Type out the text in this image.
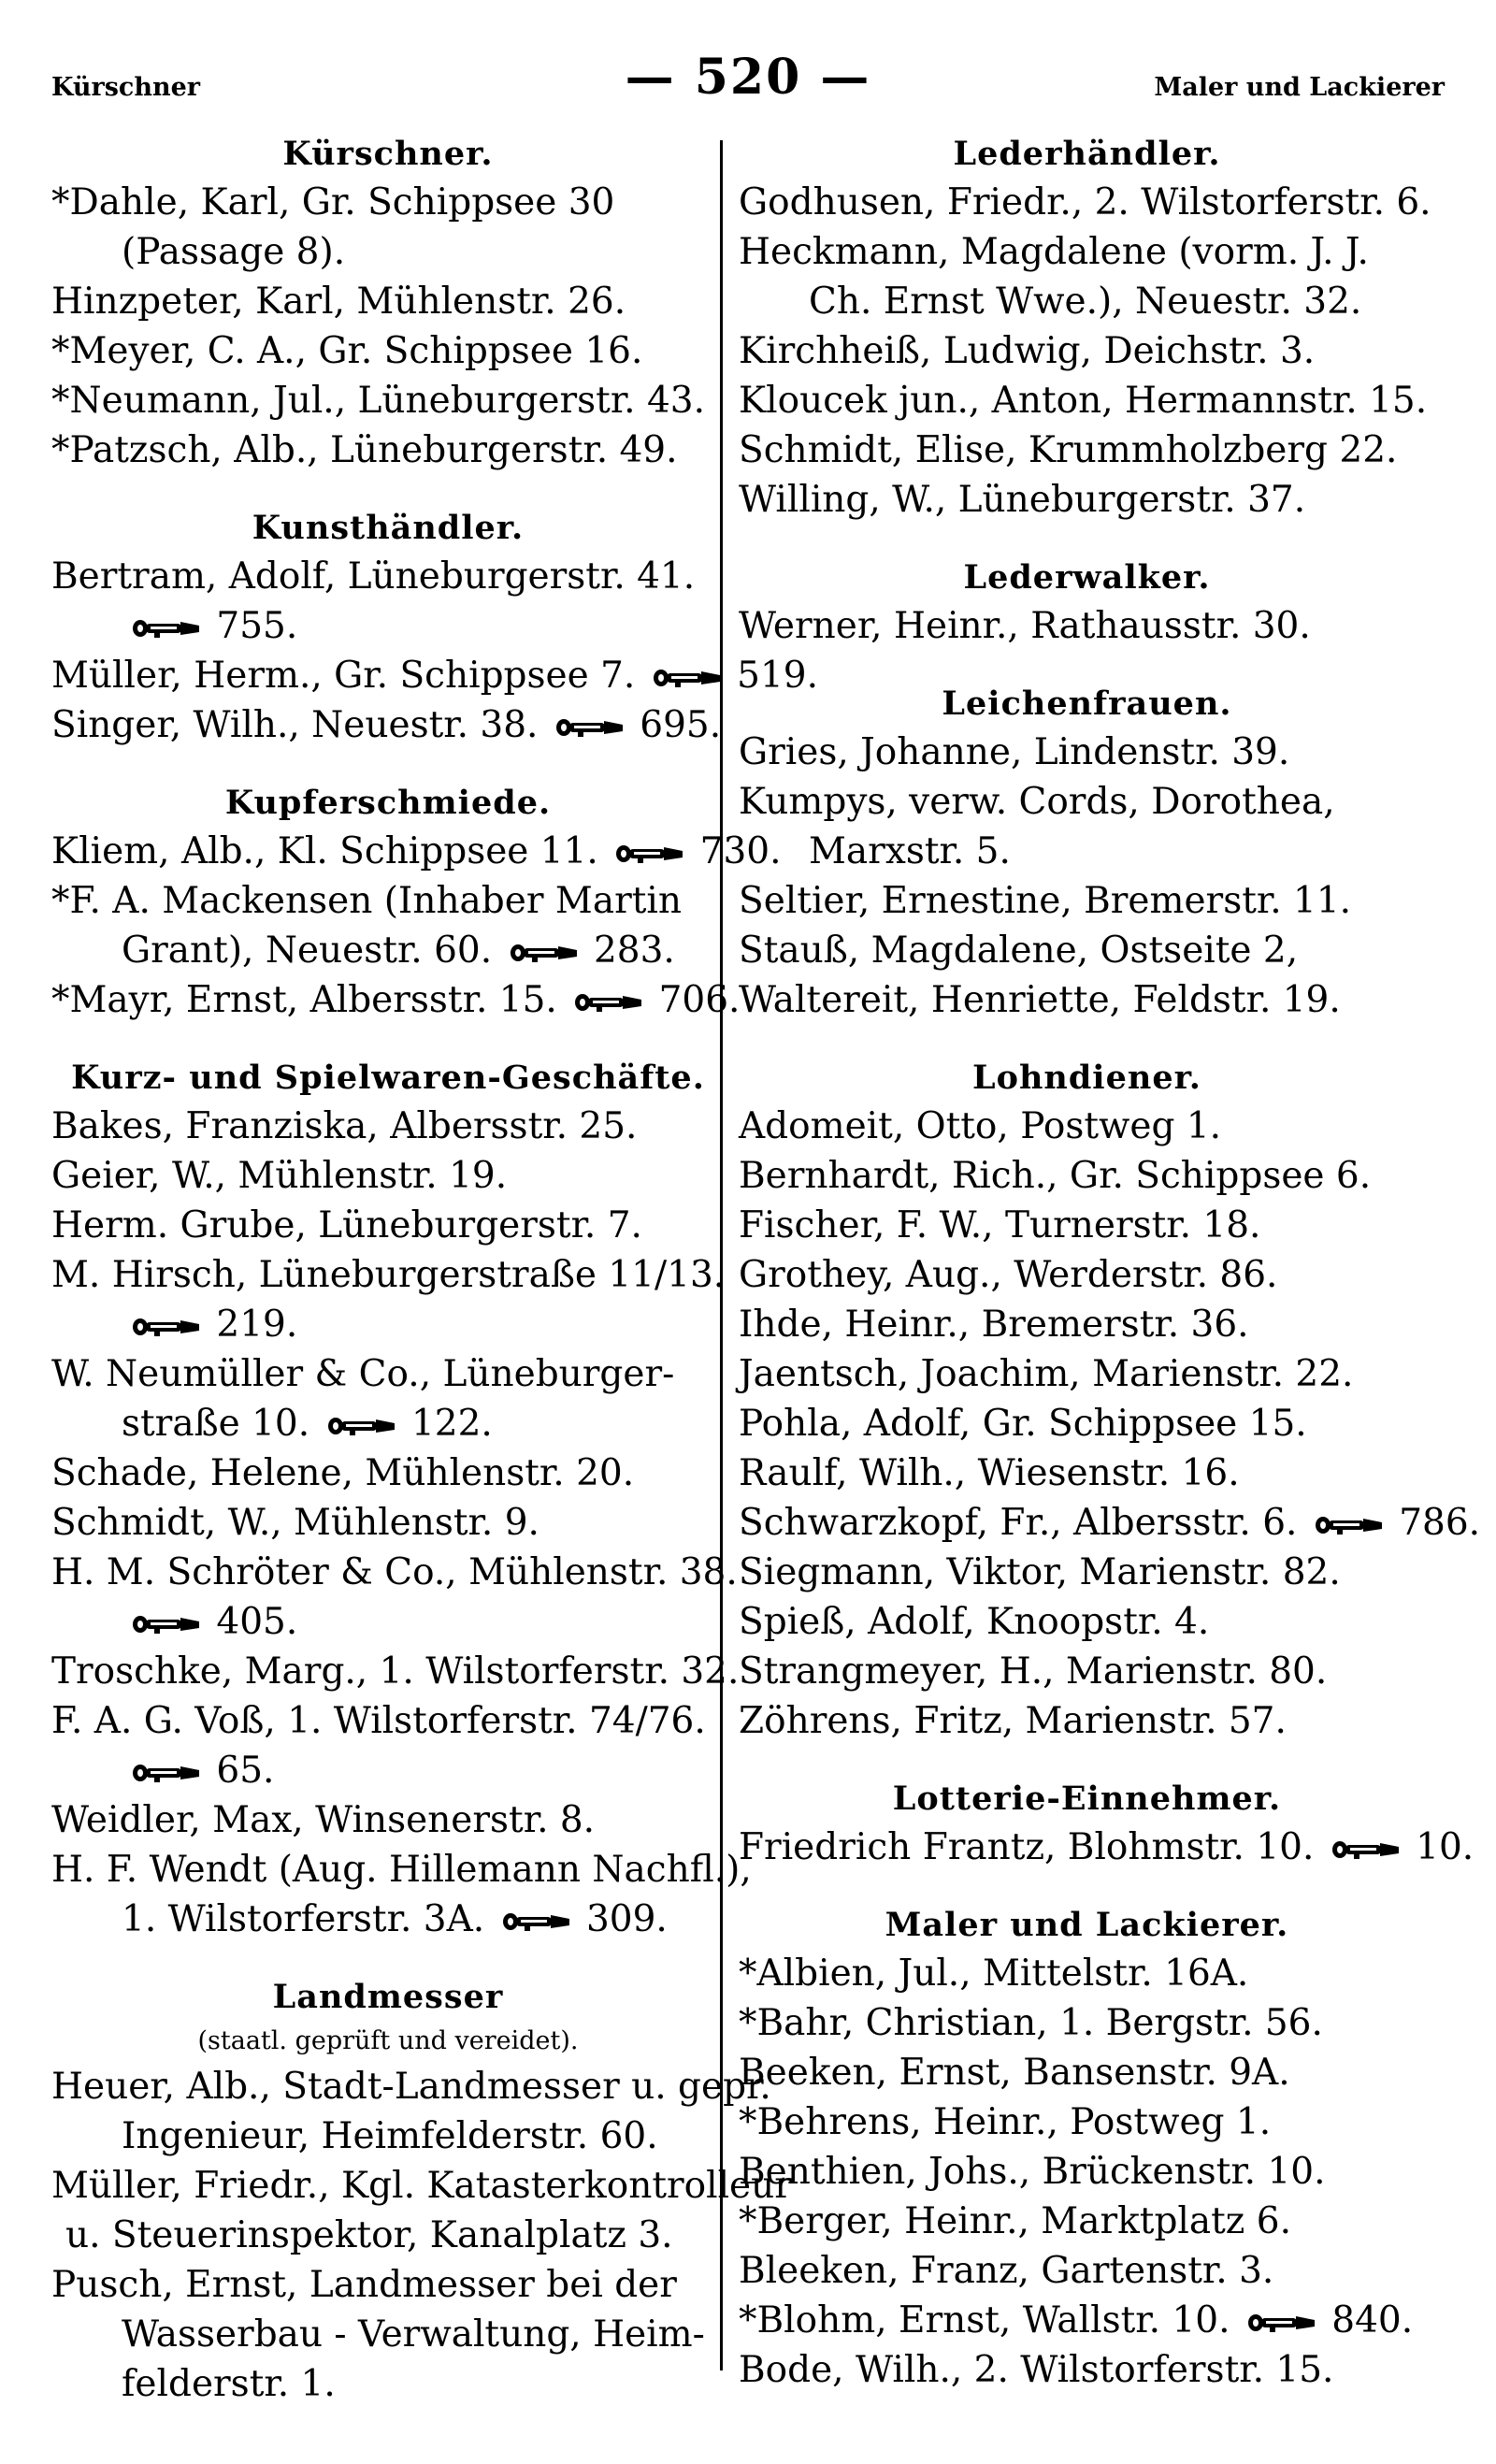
Kürschner	— 520 —	Maler und Lackierer
Kürschner.
*Dahle, Karl, Gr. Schippsee 30
(Passage 8).
Hinzpeter, Karl, Mühlenstr. 26.
*Meyer, C. A., Gr. Schippsee 16.
*Neumann, Jul., Lüneburgerstr. 43.
*Patzsch, Alb., Lüneburgerstr. 49.
Kunsthändler.
Bertram, Adolf, Lüneburgerstr. 41.
755.
Müller, Herm., Gr. Schippsee 7.	519.
Singer, Wilh., Neuestr. 38.	695.
Kupferschmiede.
Kliem, Alb., Kl. Schippsee 11.	730.
*F. A. Mackensen (Inhaber Martin
Grant), Neuestr. 60.	283.
*Mayr, Ernst, Albersstr. 15.	706.
Kurz- und Spielwaren-Geschäfte.
Bakes, Franziska, Albersstr. 25.
Geier, W., Mühlenstr. 19.
Herm. Grube, Lüneburgerstr. 7.
M. Hirsch, Lüneburgerstraße 11/13.
219.
W. Neumüller & Co., Lüneburger-
straße 10.	122.
Schade, Helene, Mühlenstr. 20.
Schmidt, W., Mühlenstr. 9.
H. M. Schröter & Co., Mühlenstr. 38.
405.
Troschke, Marg., 1. Wilstorferstr. 32.
F. A. G. Voß, 1. Wilstorferstr. 74/76.
65.
Weidler, Max, Winsenerstr. 8.
H. F. Wendt (Aug. Hillemann Nachfl.),
1. Wilstorferstr. 3A.	309.
Landmesser
(staatl. geprüft und vereidet).
Heuer, Alb., Stadt-Landmesser u. gepr.
Ingenieur, Heimfelderstr. 60.
Müller, Friedr., Kgl. Katasterkontrolleur
u. Steuerinspektor, Kanalplatz 3.
Pusch, Ernst, Landmesser bei der
Wasserbau - Verwaltung, Heim-
felderstr. 1.
Lederhändler.
Godhusen, Friedr., 2. Wilstorferstr. 6.
Heckmann, Magdalene (vorm. J. J.
Ch. Ernst Wwe.), Neuestr. 32.
Kirchheiß, Ludwig, Deichstr. 3.
Kloucek jun., Anton, Hermannstr. 15.
Schmidt, Elise, Krummholzberg 22.
Willing, W., Lüneburgerstr. 37.
Lederwalker.
Werner, Heinr., Rathausstr. 30.
Leichenfrauen.
Gries, Johanne, Lindenstr. 39.
Kumpys, verw. Cords, Dorothea,
Marxstr. 5.
Seltier, Ernestine, Bremerstr. 11.
Stauß, Magdalene, Ostseite 2,
Waltereit, Henriette, Feldstr. 19.
Lohndiener.
Adomeit, Otto, Postweg 1.
Bernhardt, Rich., Gr. Schippsee 6.
Fischer, F. W., Turnerstr. 18.
Grothey, Aug., Werderstr. 86.
Ihde, Heinr., Bremerstr. 36.
Jaentsch, Joachim, Marienstr. 22.
Pohla, Adolf, Gr. Schippsee 15.
Raulf, Wilh., Wiesenstr. 16.
Schwarzkopf, Fr., Albersstr. 6.	786.
Siegmann, Viktor, Marienstr. 82.
Spieß, Adolf, Knoopstr. 4.
Strangmeyer, H., Marienstr. 80.
Zöhrens, Fritz, Marienstr. 57.
Lotterie-Einnehmer.
Friedrich Frantz, Blohmstr. 10.	10.
Maler und Lackierer.
*Albien, Jul., Mittelstr. 16A.
*Bahr, Christian, 1. Bergstr. 56.
Beeken, Ernst, Bansenstr. 9A.
*Behrens, Heinr., Postweg 1.
Benthien, Johs., Brückenstr. 10.
*Berger, Heinr., Marktplatz 6.
Bleeken, Franz, Gartenstr. 3.
*Blohm, Ernst, Wallstr. 10.	840.
Bode, Wilh., 2. Wilstorferstr. 15.
